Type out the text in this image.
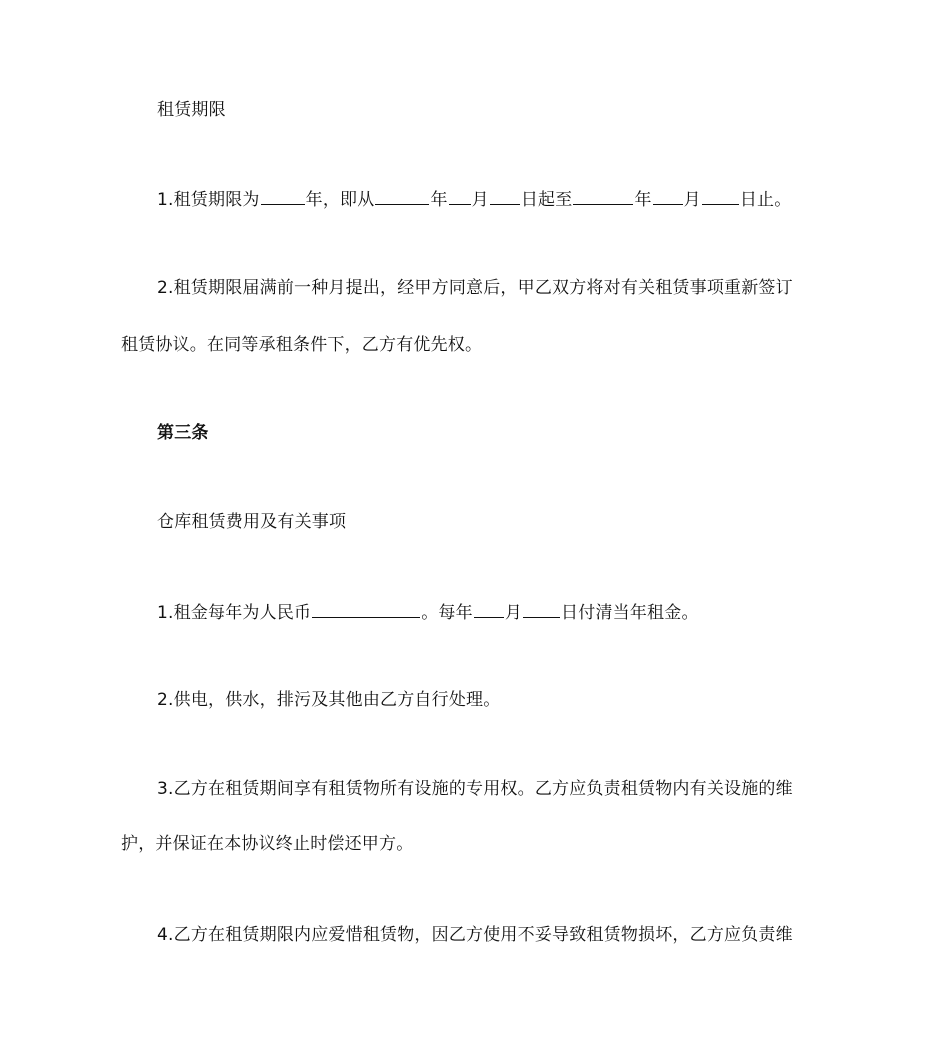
租赁期限
1.租赁期限为	年，即从	年 月 日起至	年 月 日止。
2.租赁期限届满前一种月提出，经甲方同意后，甲乙双方将对有关租赁事项重新签订
租赁协议。在同等承租条件下，乙方有优先权。
第三条
仓库租赁费用及有关事项
1.租金每年为人民币	。每年 月 日付清当年租金。
2.供电，供水，排污及其他由乙方自行处理。
3.乙方在租赁期间享有租赁物所有设施的专用权。乙方应负责租赁物内有关设施的维
护，并保证在本协议终止时偿还甲方。
4.乙方在租赁期限内应爱惜租赁物，因乙方使用不妥导致租赁物损坏，乙方应负责维
